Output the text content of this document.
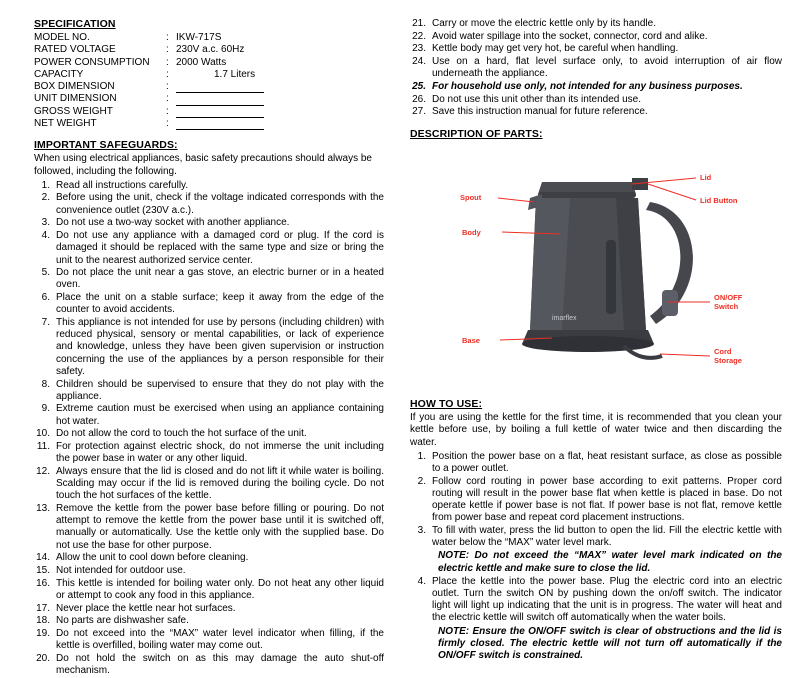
SPECIFICATION
MODEL NO.	: IKW-717S
RATED VOLTAGE	: 230V a.c. 60Hz
POWER CONSUMPTION	: 2000 Watts
CAPACITY	:	1.7 Liters
BOX DIMENSION	:
UNIT DIMENSION	:
GROSS WEIGHT	:
NET WEIGHT	:
IMPORTANT SAFEGUARDS:

When using electrical appliances, basic safety precautions should always be followed, including the following.

1. Read all instructions carefully.
2. Before using the unit, check if the voltage indicated corresponds with the convenience outlet (230V a.c.).
3. Do not use a two-way socket with another appliance.
4. Do not use any appliance with a damaged cord or plug. If the cord is damaged it should be replaced with the same type and size or bring the unit to the nearest authorized service center.
5. Do not place the unit near a gas stove, an electric burner or in a heated oven.
6. Place the unit on a stable surface; keep it away from the edge of the counter to avoid accidents.
7. This appliance is not intended for use by persons (including children) with reduced physical, sensory or mental capabilities, or lack of experience and knowledge, unless they have been given supervision or instruction concerning the use of the appliances by a person responsible for their safety.
8. Children should be supervised to ensure that they do not play with the appliance.
9. Extreme caution must be exercised when using an appliance containing hot water.
10. Do not allow the cord to touch the hot surface of the unit.
11. For protection against electric shock, do not immerse the unit including the power base in water or any other liquid.
12. Always ensure that the lid is closed and do not lift it while water is boiling. Scalding may occur if the lid is removed during the boiling cycle. Do not touch the hot surfaces of the kettle.
13. Remove the kettle from the power base before filling or pouring. Do not attempt to remove the kettle from the power base until it is switched off, manually or automatically. Use the kettle only with the supplied base. Do not use the base for other purpose.
14. Allow the unit to cool down before cleaning.
15. Not intended for outdoor use.
16. This kettle is intended for boiling water only. Do not heat any other liquid or attempt to cook any food in this appliance.
17. Never place the kettle near hot surfaces.
18. No parts are dishwasher safe.
19. Do not exceed into the “MAX” water level indicator when filling, if the kettle is overfilled, boiling water may come out.
20. Do not hold the switch on as this may damage the auto shut-off mechanism.
21. Carry or move the electric kettle only by its handle.
22. Avoid water spillage into the socket, connector, cord and alike.
23. Kettle body may get very hot, be careful when handling.
24. Use on a hard, flat level surface only, to avoid interruption of air flow underneath the appliance.
25. For household use only, not intended for any business purposes.
26. Do not use this unit other than its intended use.
27. Save this instruction manual for future reference.
DESCRIPTION OF PARTS:
imarflex
Lid
Lid Button
Spout
Body
ON/OFF
Switch
Base
Cord
Storage
HOW TO USE:

If you are using the kettle for the first time, it is recommended that you clean your kettle before use, by boiling a full kettle of water twice and then discarding the water.

1. Position the power base on a flat, heat resistant surface, as close as possible to a power outlet.
2. Follow cord routing in power base according to exit patterns. Proper cord routing will result in the power base flat when kettle is placed in base. Do not operate kettle if power base is not flat. If power base is not flat, remove kettle from power base and repeat cord placement instructions.
3. To fill with water, press the lid button to open the lid. Fill the electric kettle with water below the “MAX” water level mark.

NOTE: Do not exceed the “MAX” water level mark indicated on the electric kettle and make sure to close the lid.

4. Place the kettle into the power base. Plug the electric cord into an electric outlet. Turn the switch ON by pushing down the on/off switch. The indicator light will light up indicating that the unit is in progress. The water will heat and the electric kettle will switch off automatically when the water boils.

NOTE: Ensure the ON/OFF switch is clear of obstructions and the lid is firmly closed. The electric kettle will not turn off automatically if the ON/OFF switch is constrained.
